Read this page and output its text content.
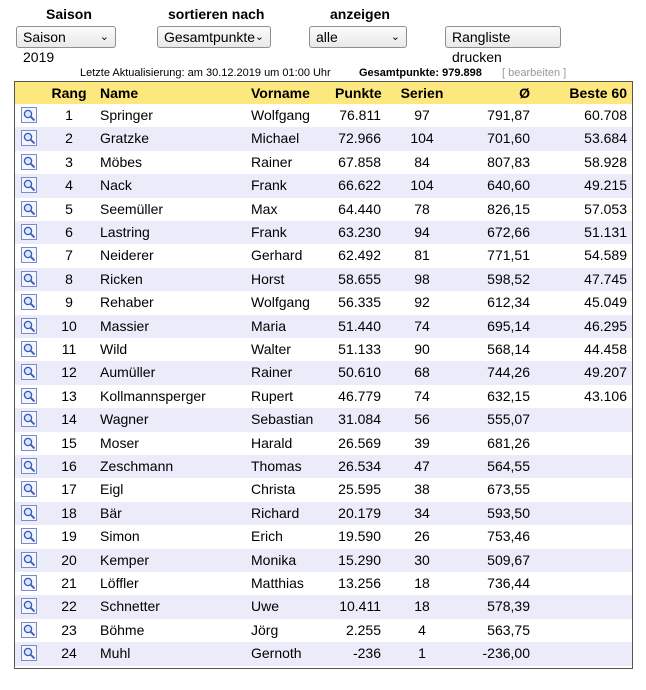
Saison
Saison 2019
⌄
sortieren nach
Gesamtpunkte ⌄
anzeigen
alle	⌄	Rangliste drucken
Letzte Aktualisierung: am 30.12.2019 um 01:00 Uhr	Gesamtpunkte: 979.898 [ bearbeiten ]
Rang Name	Vorname	Punkte	Serien	Ø	Beste 60
1	Springer	Wolfgang	76.811	97	791,87	60.708
2	Gratzke	Michael	72.966	104	701,60	53.684
3	Möbes	Rainer	67.858	84	807,83	58.928
4	Nack	Frank	66.622	104	640,60	49.215
5	Seemüller	Max	64.440	78	826,15	57.053
6	Lastring	Frank	63.230	94	672,66	51.131
7	Neiderer	Gerhard	62.492	81	771,51	54.589
8	Ricken	Horst	58.655	98	598,52	47.745
9	Rehaber	Wolfgang	56.335	92	612,34	45.049
10	Massier	Maria	51.440	74	695,14	46.295
11	Wild	Walter	51.133	90	568,14	44.458
12	Aumüller	Rainer	50.610	68	744,26	49.207
13	Kollmannsperger	Rupert	46.779	74	632,15	43.106
14	Wagner	Sebastian	31.084	56	555,07
15	Moser	Harald	26.569	39	681,26
16	Zeschmann	Thomas	26.534	47	564,55
17	Eigl	Christa	25.595	38	673,55
18	Bär	Richard	20.179	34	593,50
19	Simon	Erich	19.590	26	753,46
20	Kemper	Monika	15.290	30	509,67
21	Löffler	Matthias	13.256	18	736,44
22	Schnetter	Uwe	10.411	18	578,39
23	Böhme	Jörg	2.255	4	563,75
24	Muhl	Gernoth	-236	1	-236,00
